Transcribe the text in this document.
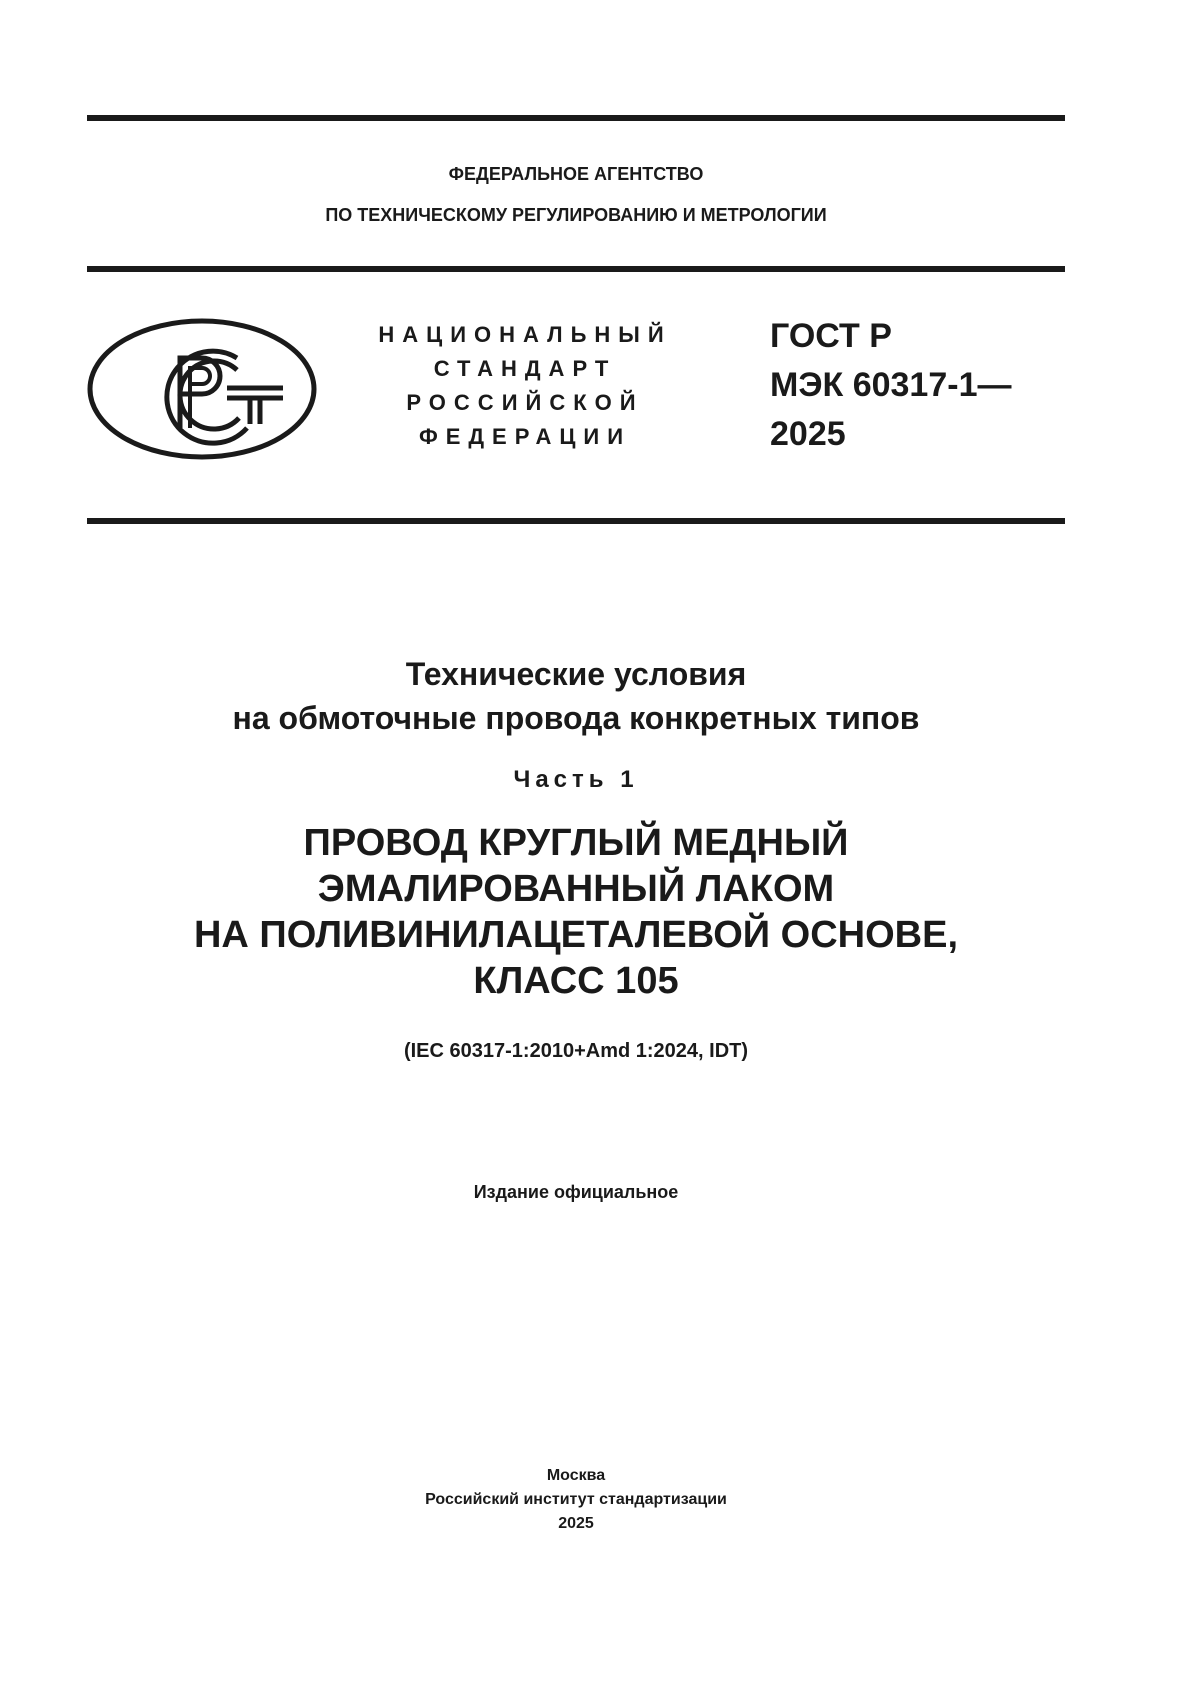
ФЕДЕРАЛЬНОЕ АГЕНТСТВО
ПО ТЕХНИЧЕСКОМУ РЕГУЛИРОВАНИЮ И МЕТРОЛОГИИ
НАЦИОНАЛЬНЫЙ
СТАНДАРТ
РОССИЙСКОЙ
ФЕДЕРАЦИИ
ГОСТ Р
МЭК 60317-1—
2025
Технические условия
на обмоточные провода конкретных типов
Часть 1
ПРОВОД КРУГЛЫЙ МЕДНЫЙ
ЭМАЛИРОВАННЫЙ ЛАКОМ
НА ПОЛИВИНИЛАЦЕТАЛЕВОЙ ОСНОВЕ,
КЛАСС 105
(IEC 60317-1:2010+Amd 1:2024, IDT)
Издание официальное
Москва
Российский институт стандартизации
2025
